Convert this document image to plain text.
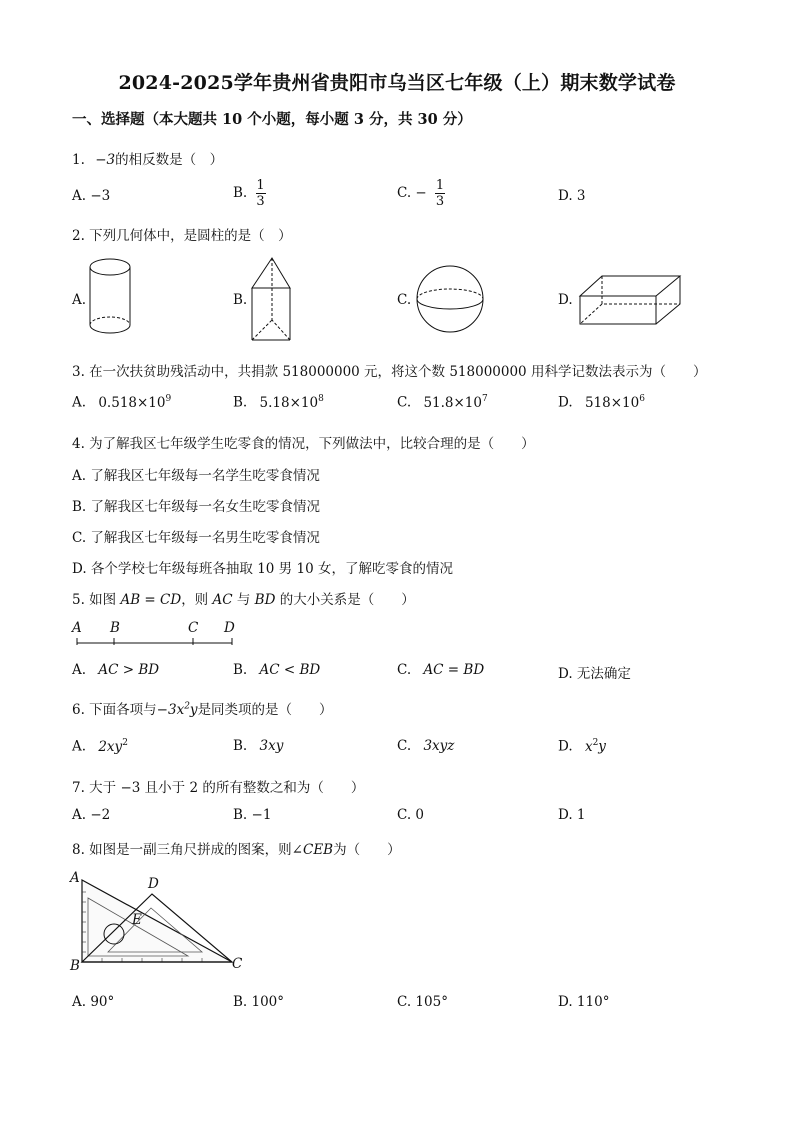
2024-2025学年贵州省贵阳市乌当区七年级（上）期末数学试卷
一、选择题（本大题共 10 个小题，每小题 3 分，共 30 分）
1. −3的相反数是（　）
A. −3	B. $\frac{1}{3}$	C. − $\frac{1}{3}$	D. 3
2. 下列几何体中，是圆柱的是（　）
A.	B.	C.	D.
3. 在一次扶贫助残活动中，共捐款 518000000 元，将这个数 518000000 用科学记数法表示为（　　）
A. $0.518\times 10^9$	B. $5.18\times 10^8$	C. $51.8\times 10^7$	D. $518\times 10^6$
4. 为了解我区七年级学生吃零食的情况，下列做法中，比较合理的是（　　）
A. 了解我区七年级每一名学生吃零食情况
B. 了解我区七年级每一名女生吃零食情况
C. 了解我区七年级每一名男生吃零食情况
D. 各个学校七年级每班各抽取 10 男 10 女，了解吃零食的情况
5. 如图 AB = CD，则 AC 与 BD 的大小关系是（　　）
A B	C D
A. AC > BD	B. AC < BD	C. AC = BD	D. 无法确定
6. 下面各项与$-3x^2y$是同类项的是（　　）
A. $2xy^2$	B. 3xy	C. 3xyz	D. $x^2y$
7. 大于 −3 且小于 2 的所有整数之和为（　　）
A. −2	B. −1	C. 0	D. 1
8. 如图是一副三角尺拼成的图案，则∠CEB为（　　）
A
B	C
D
E
A. 90°	B. 100°	C. 105°	D. 110°
